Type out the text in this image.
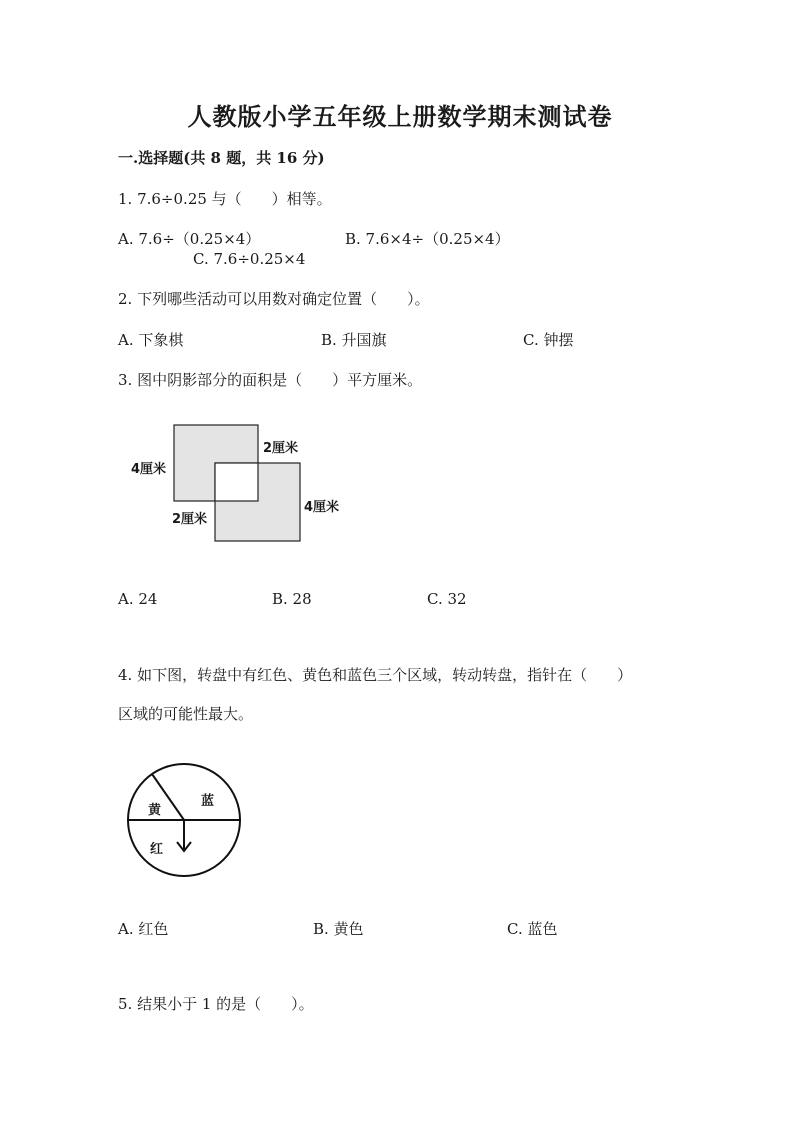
人教版小学五年级上册数学期末测试卷
一.选择题(共 8 题，共 16 分)
1. 7.6÷0.25 与（　　）相等。
A. 7.6÷（0.25×4）	B. 7.6×4÷（0.25×4）
C. 7.6÷0.25×4
2. 下列哪些活动可以用数对确定位置（　　）。
A. 下象棋	B. 升国旗	C. 钟摆
3. 图中阴影部分的面积是（　　）平方厘米。
2厘米
4厘米
4厘米
2厘米
A. 24	B. 28	C. 32
4. 如下图，转盘中有红色、黄色和蓝色三个区域，转动转盘，指针在（　　）
区域的可能性最大。
黄
蓝
红
A. 红色	B. 黄色	C. 蓝色
5. 结果小于 1 的是（　　）。
